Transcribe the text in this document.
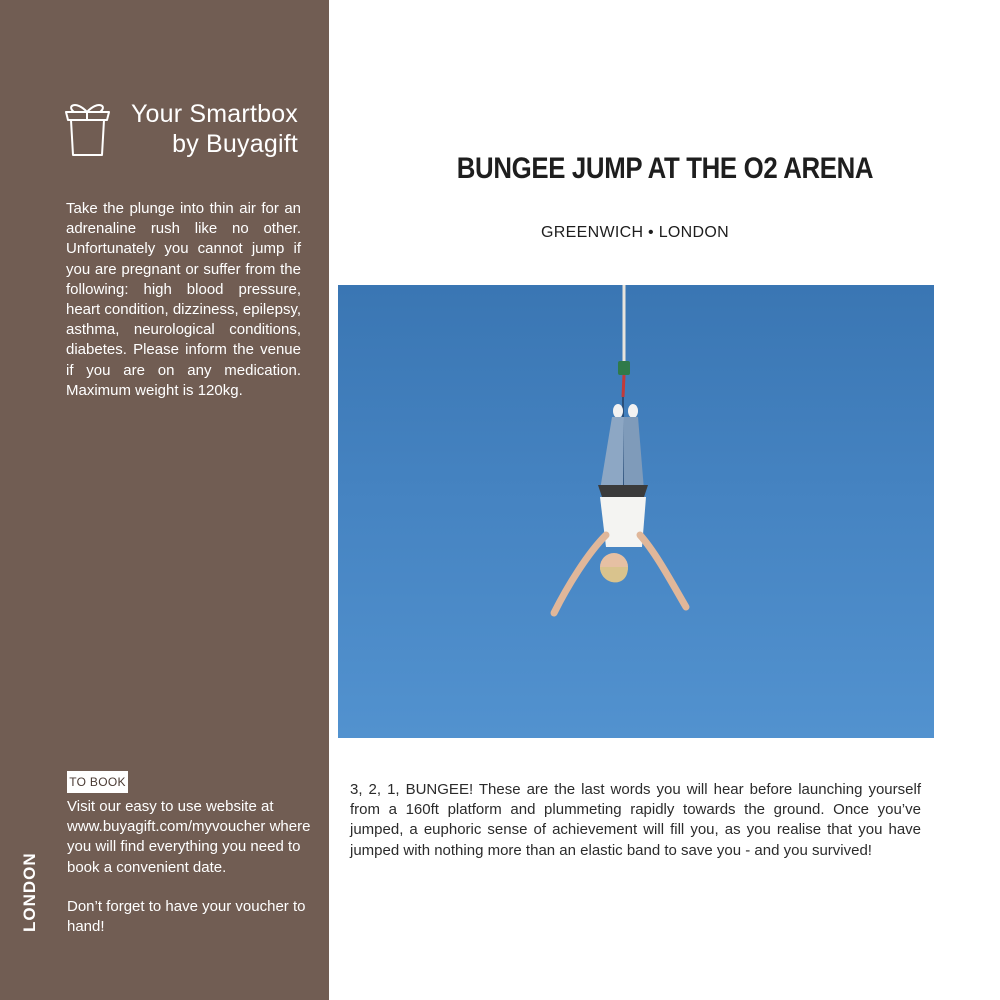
Your Smartbox
by Buyagift

Take the plunge into thin air for an adrenaline rush like no other. Unfortunately you cannot jump if you are pregnant or suffer from the following: high blood pressure, heart condition, dizziness, epilepsy, asthma, neurological conditions, diabetes. Please inform the venue if you are on any medication. Maximum weight is 120kg.

TO BOOK

Visit our easy to use website at www.buyagift.com/myvoucher where you will find everything you need to book a convenient date.

Don’t forget to have your voucher to hand!

LONDON
BUNGEE JUMP AT THE O2 ARENA
GREENWICH • LONDON

3, 2, 1, BUNGEE! These are the last words you will hear before launching yourself from a 160ft platform and plummeting rapidly towards the ground. Once you’ve jumped, a euphoric sense of achievement will fill you, as you realise that you have jumped with nothing more than an elastic band to save you - and you survived!
